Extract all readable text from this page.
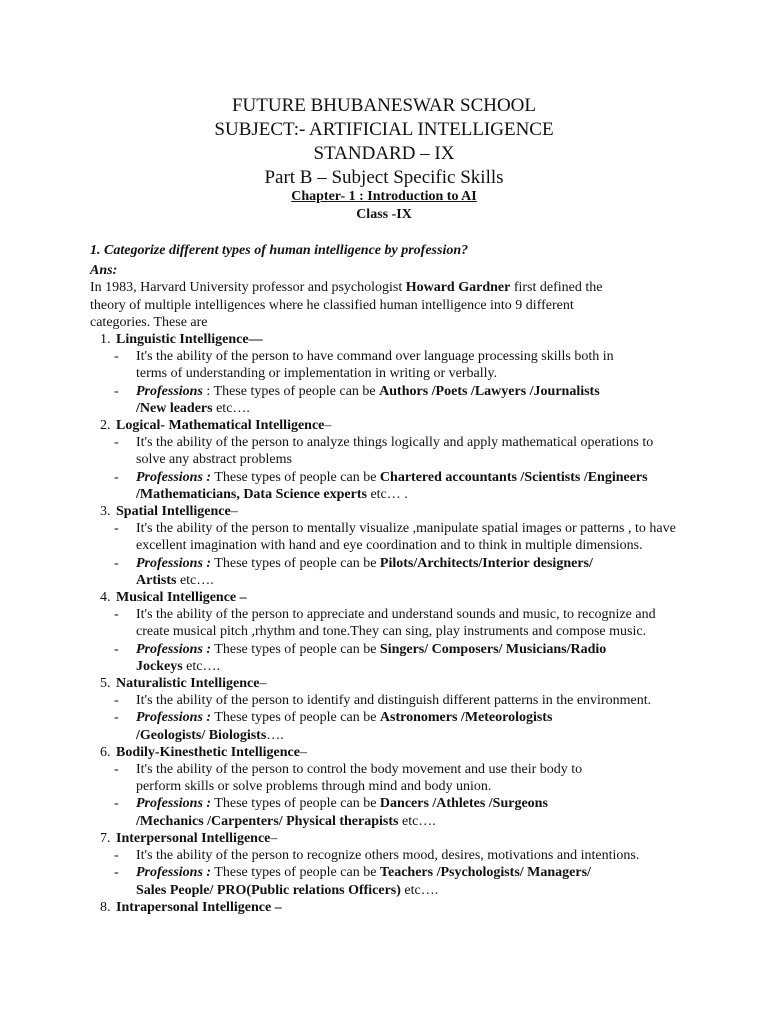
FUTURE BHUBANESWAR SCHOOL
SUBJECT:- ARTIFICIAL INTELLIGENCE
STANDARD – IX
Part B – Subject Specific Skills
Chapter- 1 : Introduction to AI
Class -IX
1. Categorize different types of human intelligence by profession?
Ans:
In 1983, Harvard University professor and psychologist Howard Gardner first defined the
theory of multiple intelligences where he classified human intelligence into 9 different
categories. These are
1. Linguistic Intelligence—
- It's the ability of the person to have command over language processing skills both in
terms of understanding or implementation in writing or verbally.
- Professions : These types of people can be Authors /Poets /Lawyers /Journalists
/New leaders etc….
2. Logical- Mathematical Intelligence–
- It's the ability of the person to analyze things logically and apply mathematical operations to
solve any abstract problems
- Professions : These types of people can be Chartered accountants /Scientists /Engineers
/Mathematicians, Data Science experts etc… .
3. Spatial Intelligence–
- It's the ability of the person to mentally visualize ,manipulate spatial images or patterns , to have
excellent imagination with hand and eye coordination and to think in multiple dimensions.
- Professions : These types of people can be Pilots/Architects/Interior designers/
Artists etc….
4. Musical Intelligence –
- It's the ability of the person to appreciate and understand sounds and music, to recognize and
create musical pitch ,rhythm and tone.They can sing, play instruments and compose music.
- Professions : These types of people can be Singers/ Composers/ Musicians/Radio
Jockeys etc….
5. Naturalistic Intelligence–
- It's the ability of the person to identify and distinguish different patterns in the environment.
- Professions : These types of people can be Astronomers /Meteorologists
/Geologists/ Biologists….
6. Bodily-Kinesthetic Intelligence–
- It's the ability of the person to control the body movement and use their body to
perform skills or solve problems through mind and body union.
- Professions : These types of people can be Dancers /Athletes /Surgeons
/Mechanics /Carpenters/ Physical therapists etc….
7. Interpersonal Intelligence–
- It's the ability of the person to recognize others mood, desires, motivations and intentions.
- Professions : These types of people can be Teachers /Psychologists/ Managers/
Sales People/ PRO(Public relations Officers) etc….
8. Intrapersonal Intelligence –
